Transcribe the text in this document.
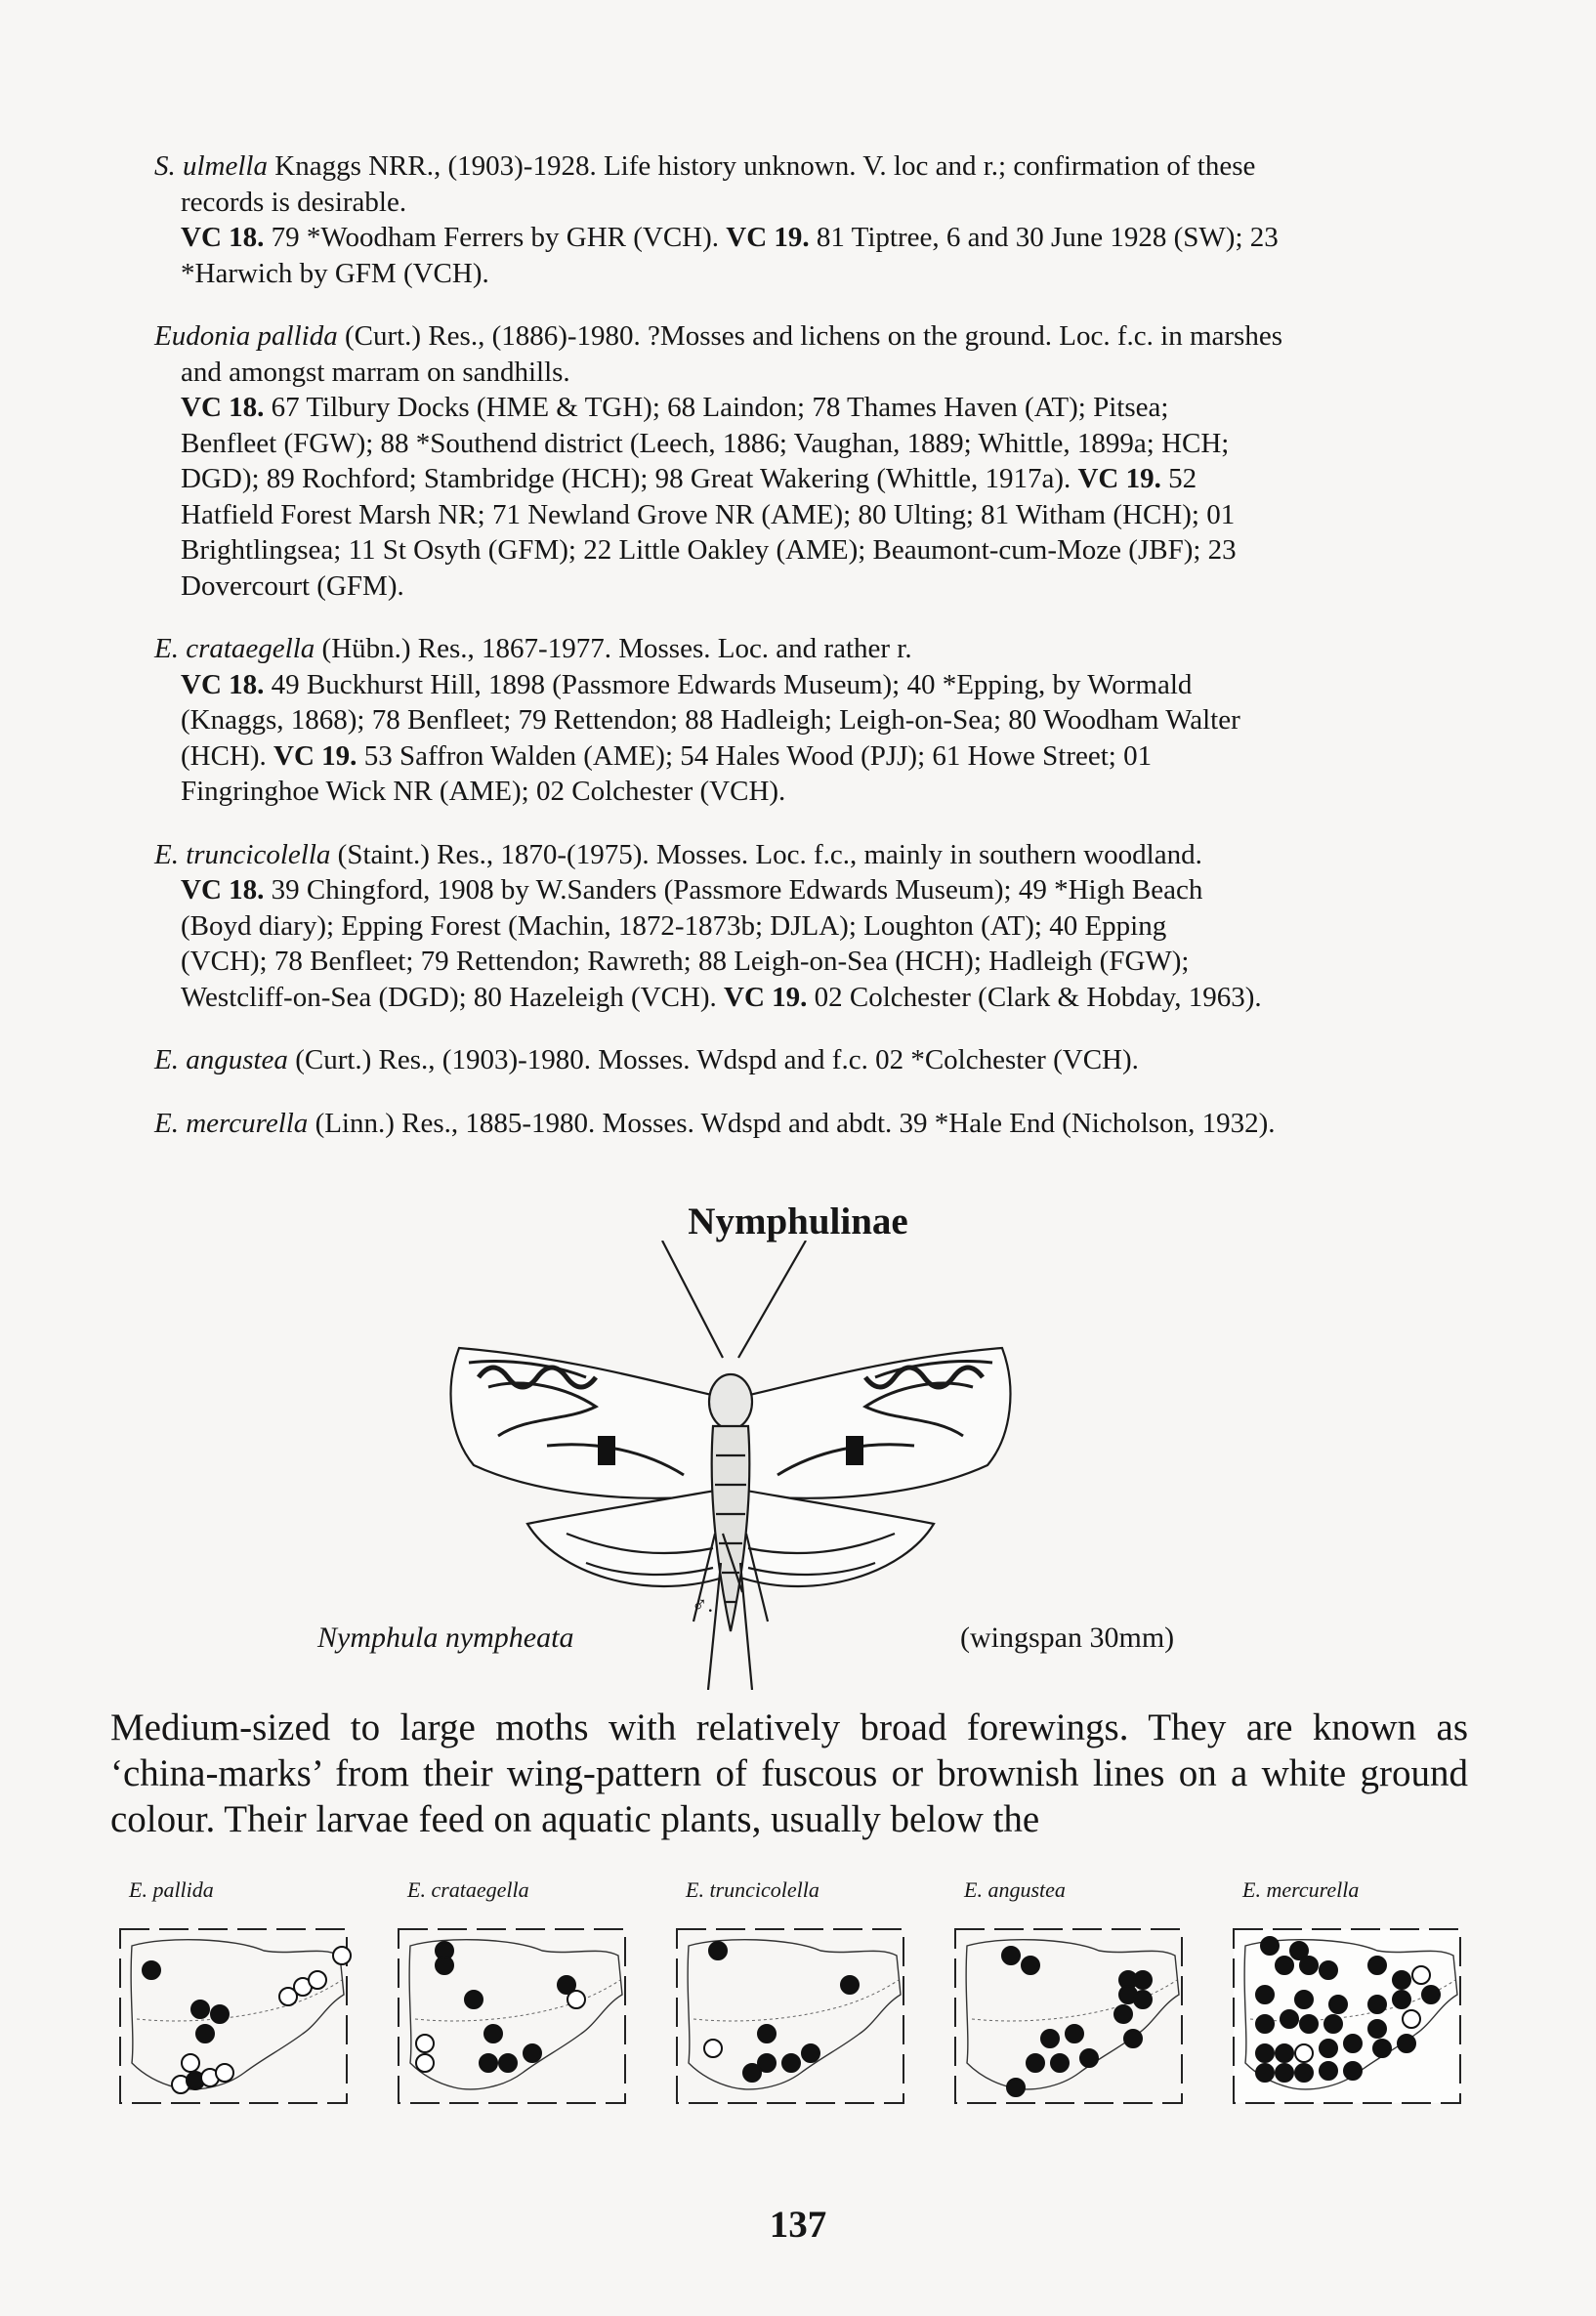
S. ulmella Knaggs NRR., (1903)-1928. Life history unknown. V. loc and r.; confirmation of these
records is desirable.
VC 18. 79 *Woodham Ferrers by GHR (VCH). VC 19. 81 Tiptree, 6 and 30 June 1928 (SW); 23
*Harwich by GFM (VCH).

Eudonia pallida (Curt.) Res., (1886)-1980. ?Mosses and lichens on the ground. Loc. f.c. in marshes
and amongst marram on sandhills.
VC 18. 67 Tilbury Docks (HME & TGH); 68 Laindon; 78 Thames Haven (AT); Pitsea;
Benfleet (FGW); 88 *Southend district (Leech, 1886; Vaughan, 1889; Whittle, 1899a; HCH;
DGD); 89 Rochford; Stambridge (HCH); 98 Great Wakering (Whittle, 1917a). VC 19. 52
Hatfield Forest Marsh NR; 71 Newland Grove NR (AME); 80 Ulting; 81 Witham (HCH); 01
Brightlingsea; 11 St Osyth (GFM); 22 Little Oakley (AME); Beaumont-cum-Moze (JBF); 23
Dovercourt (GFM).

E. crataegella (Hübn.) Res., 1867-1977. Mosses. Loc. and rather r.
VC 18. 49 Buckhurst Hill, 1898 (Passmore Edwards Museum); 40 *Epping, by Wormald
(Knaggs, 1868); 78 Benfleet; 79 Rettendon; 88 Hadleigh; Leigh-on-Sea; 80 Woodham Walter
(HCH). VC 19. 53 Saffron Walden (AME); 54 Hales Wood (PJJ); 61 Howe Street; 01
Fingringhoe Wick NR (AME); 02 Colchester (VCH).

E. truncicolella (Staint.) Res., 1870-(1975). Mosses. Loc. f.c., mainly in southern woodland.
VC 18. 39 Chingford, 1908 by W.Sanders (Passmore Edwards Museum); 49 *High Beach
(Boyd diary); Epping Forest (Machin, 1872-1873b; DJLA); Loughton (AT); 40 Epping
(VCH); 78 Benfleet; 79 Rettendon; Rawreth; 88 Leigh-on-Sea (HCH); Hadleigh (FGW);
Westcliff-on-Sea (DGD); 80 Hazeleigh (VCH). VC 19. 02 Colchester (Clark & Hobday, 1963).

E. angustea (Curt.) Res., (1903)-1980. Mosses. Wdspd and f.c. 02 *Colchester (VCH).

E. mercurella (Linn.) Res., 1885-1980. Mosses. Wdspd and abdt. 39 *Hale End (Nicholson, 1932).

Nymphulinae
♂.
Nymphula nympheata	(wingspan 30mm)

Medium-sized to large moths with relatively broad forewings. They are known as ‘china-marks’ from their wing-pattern of fuscous or brownish lines on a white ground colour. Their larvae feed on aquatic plants, usually below the

E. pallida	E. crataegella	E. truncicolella	E. angustea	E. mercurella
137
